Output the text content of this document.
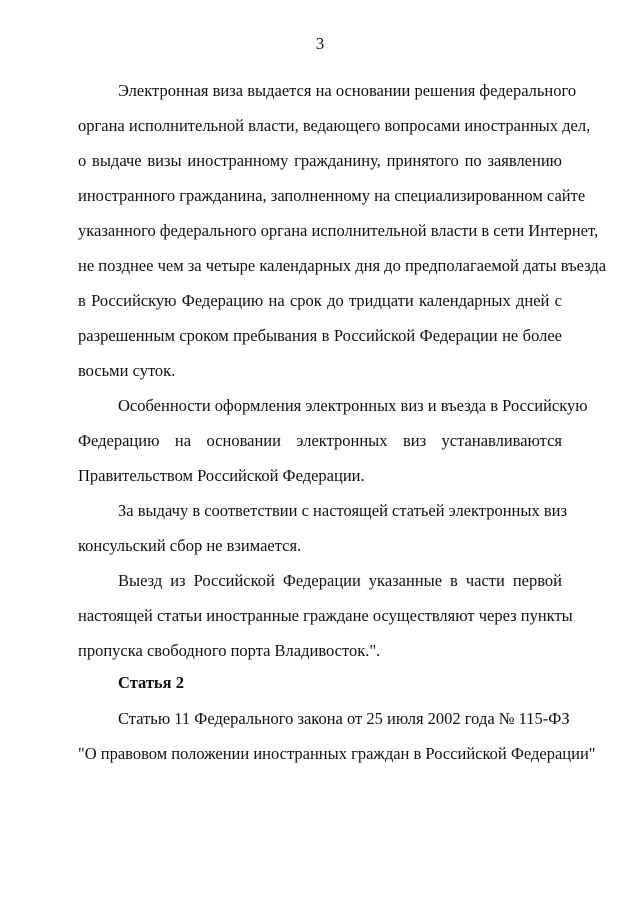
3
Электронная виза выдается на основании решения федерального
органа исполнительной власти, ведающего вопросами иностранных дел,
о выдаче визы иностранному гражданину, принятого по заявлению
иностранного гражданина, заполненному на специализированном сайте
указанного федерального органа исполнительной власти в сети Интернет,
не позднее чем за четыре календарных дня до предполагаемой даты въезда
в Российскую Федерацию на срок до тридцати календарных дней с
разрешенным сроком пребывания в Российской Федерации не более
восьми суток.
Особенности оформления электронных виз и въезда в Российскую
Федерацию на основании электронных виз устанавливаются
Правительством Российской Федерации.
За выдачу в соответствии с настоящей статьей электронных виз
консульский сбор не взимается.
Выезд из Российской Федерации указанные в части первой
настоящей статьи иностранные граждане осуществляют через пункты
пропуска свободного порта Владивосток.".
Статья 2
Статью 11 Федерального закона от 25 июля 2002 года № 115-ФЗ
"О правовом положении иностранных граждан в Российской Федерации"
